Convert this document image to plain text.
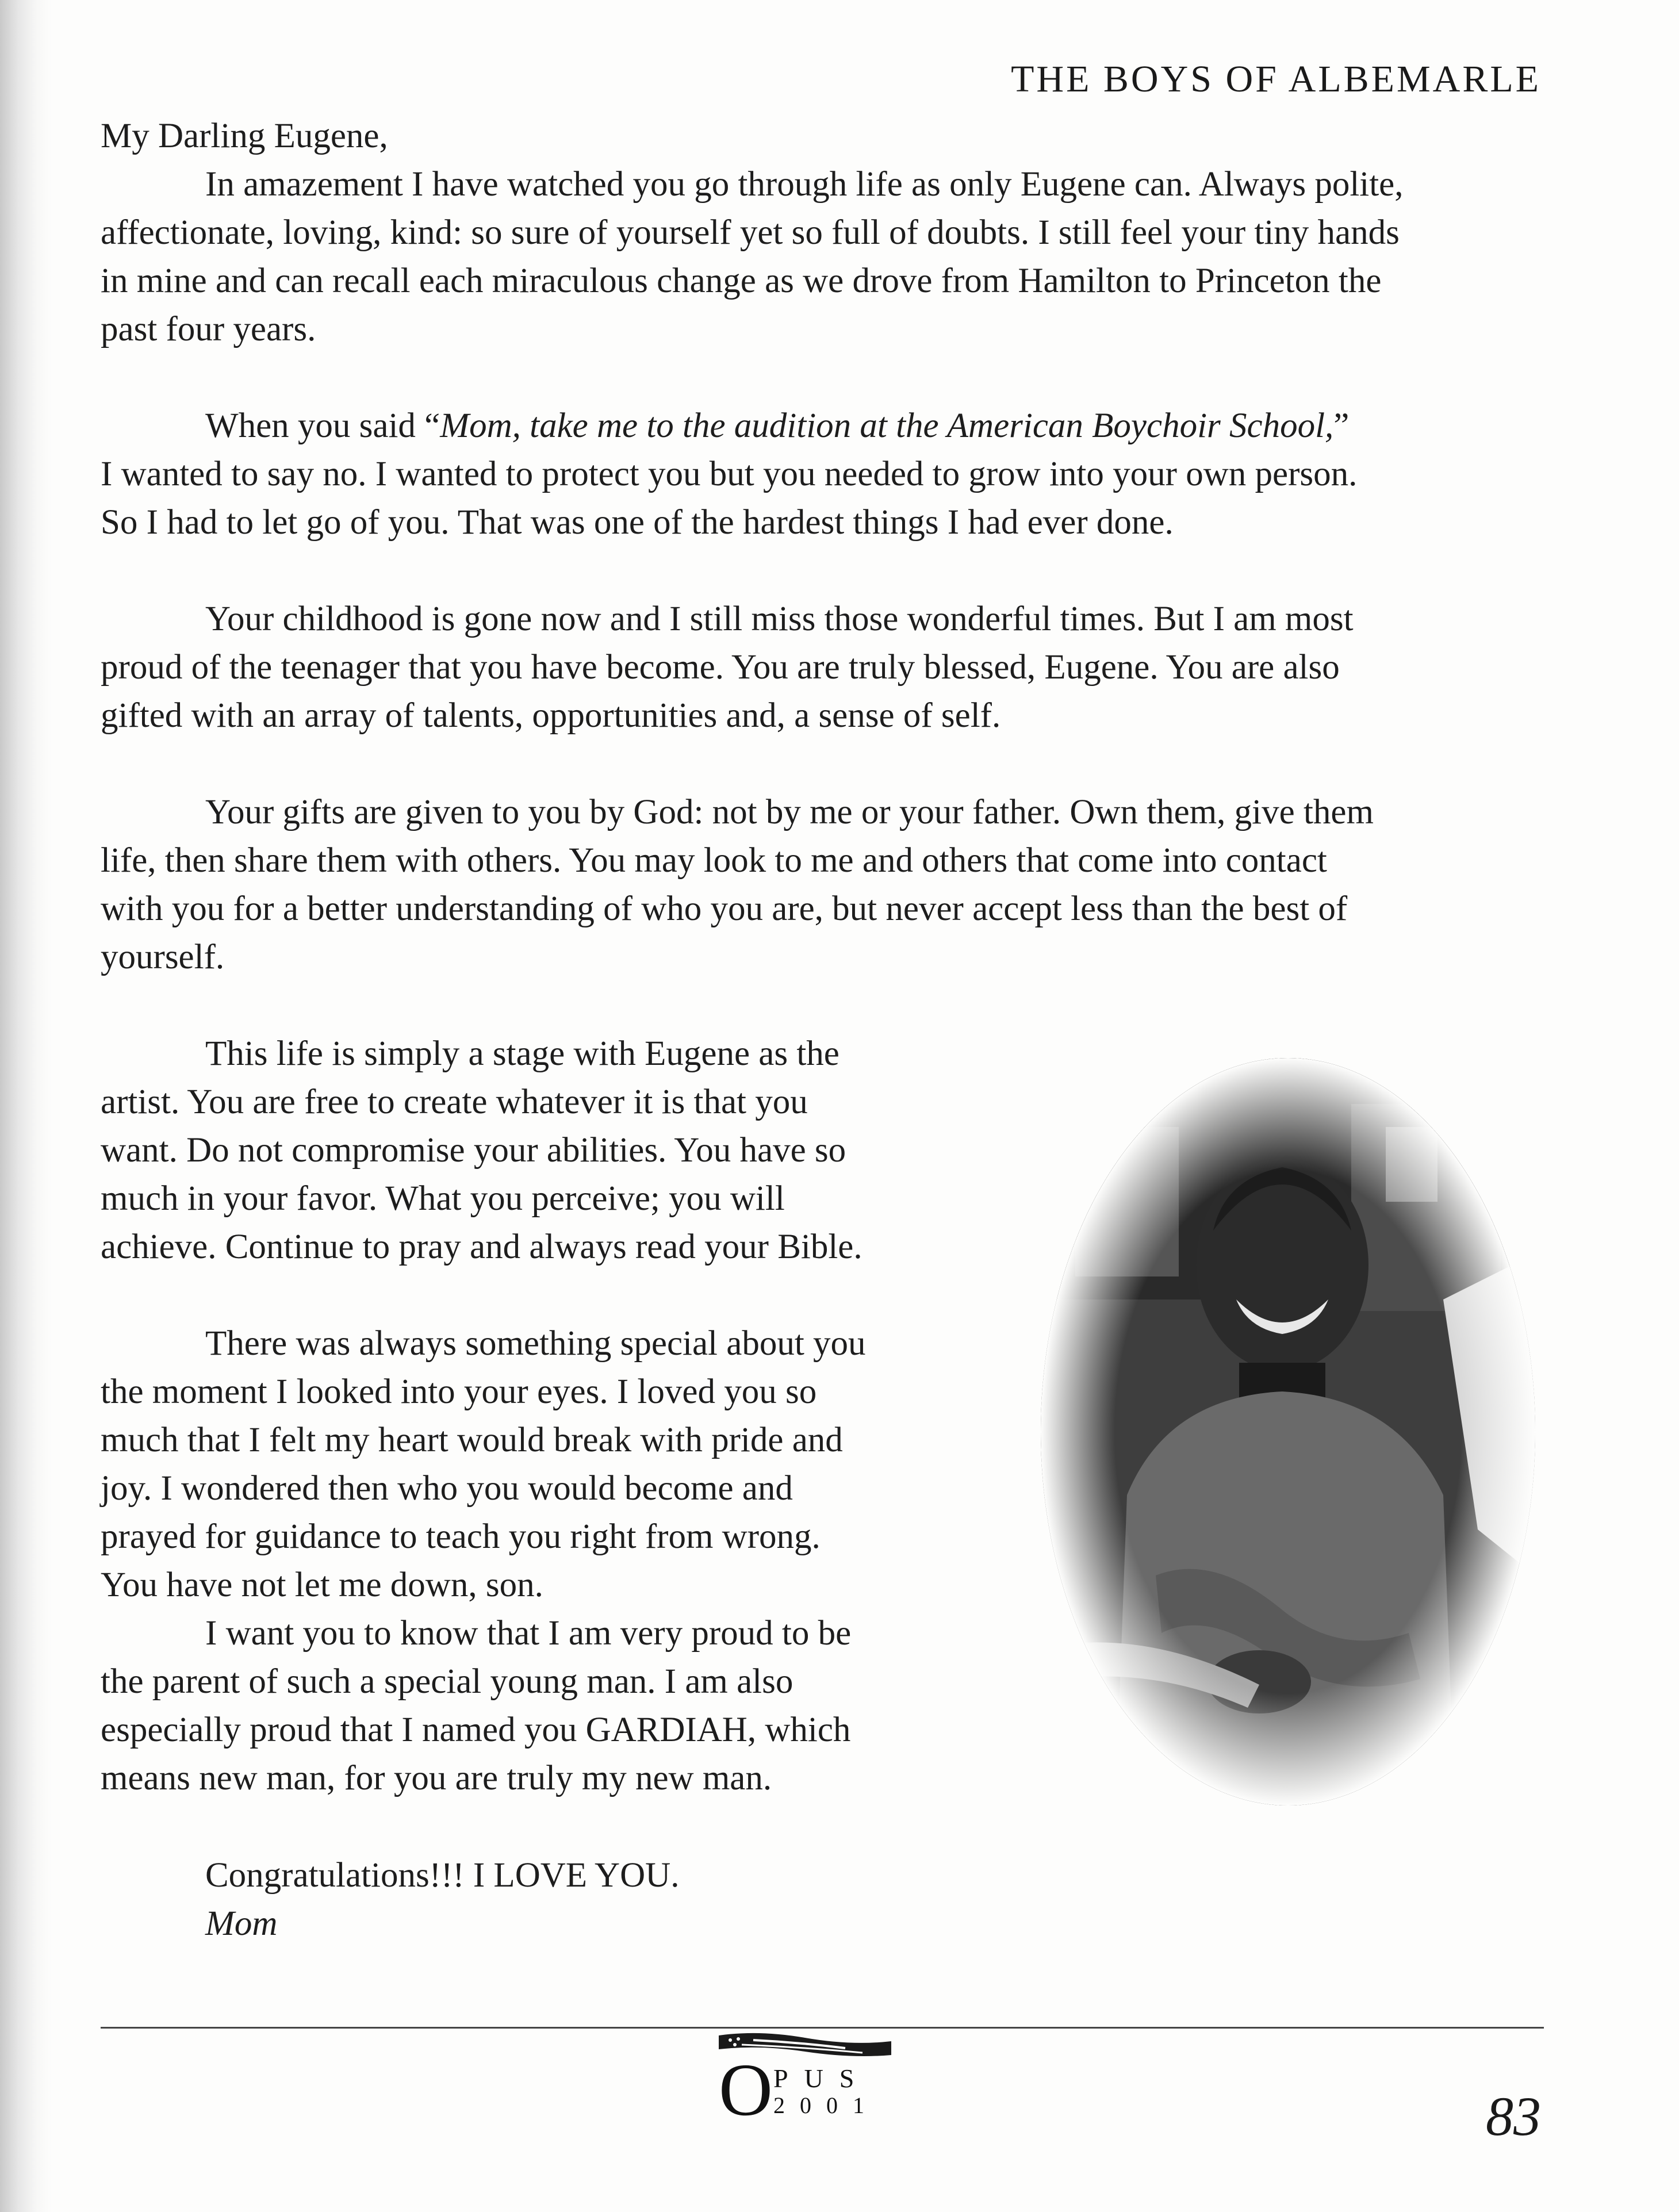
THE BOYS OF ALBEMARLE
My Darling Eugene,
In amazement I have watched you go through life as only Eugene can. Always polite,
affectionate, loving, kind: so sure of yourself yet so full of doubts. I still feel your tiny hands
in mine and can recall each miraculous change as we drove from Hamilton to Princeton the
past four years.
When you said “Mom, take me to the audition at the American Boychoir School,”
I wanted to say no. I wanted to protect you but you needed to grow into your own person.
So I had to let go of you. That was one of the hardest things I had ever done.
Your childhood is gone now and I still miss those wonderful times. But I am most
proud of the teenager that you have become. You are truly blessed, Eugene. You are also
gifted with an array of talents, opportunities and, a sense of self.
Your gifts are given to you by God: not by me or your father. Own them, give them
life, then share them with others. You may look to me and others that come into contact
with you for a better understanding of who you are, but never accept less than the best of
yourself.
This life is simply a stage with Eugene as the
artist. You are free to create whatever it is that you
want. Do not compromise your abilities. You have so
much in your favor. What you perceive; you will
achieve. Continue to pray and always read your Bible.
There was always something special about you
the moment I looked into your eyes. I loved you so
much that I felt my heart would break with pride and
joy. I wondered then who you would become and
prayed for guidance to teach you right from wrong.
You have not let me down, son.
I want you to know that I am very proud to be
the parent of such a special young man. I am also
especially proud that I named you GARDIAH, which
means new man, for you are truly my new man.
Congratulations!!! I LOVE YOU.
Mom
O PUS
2001	83
